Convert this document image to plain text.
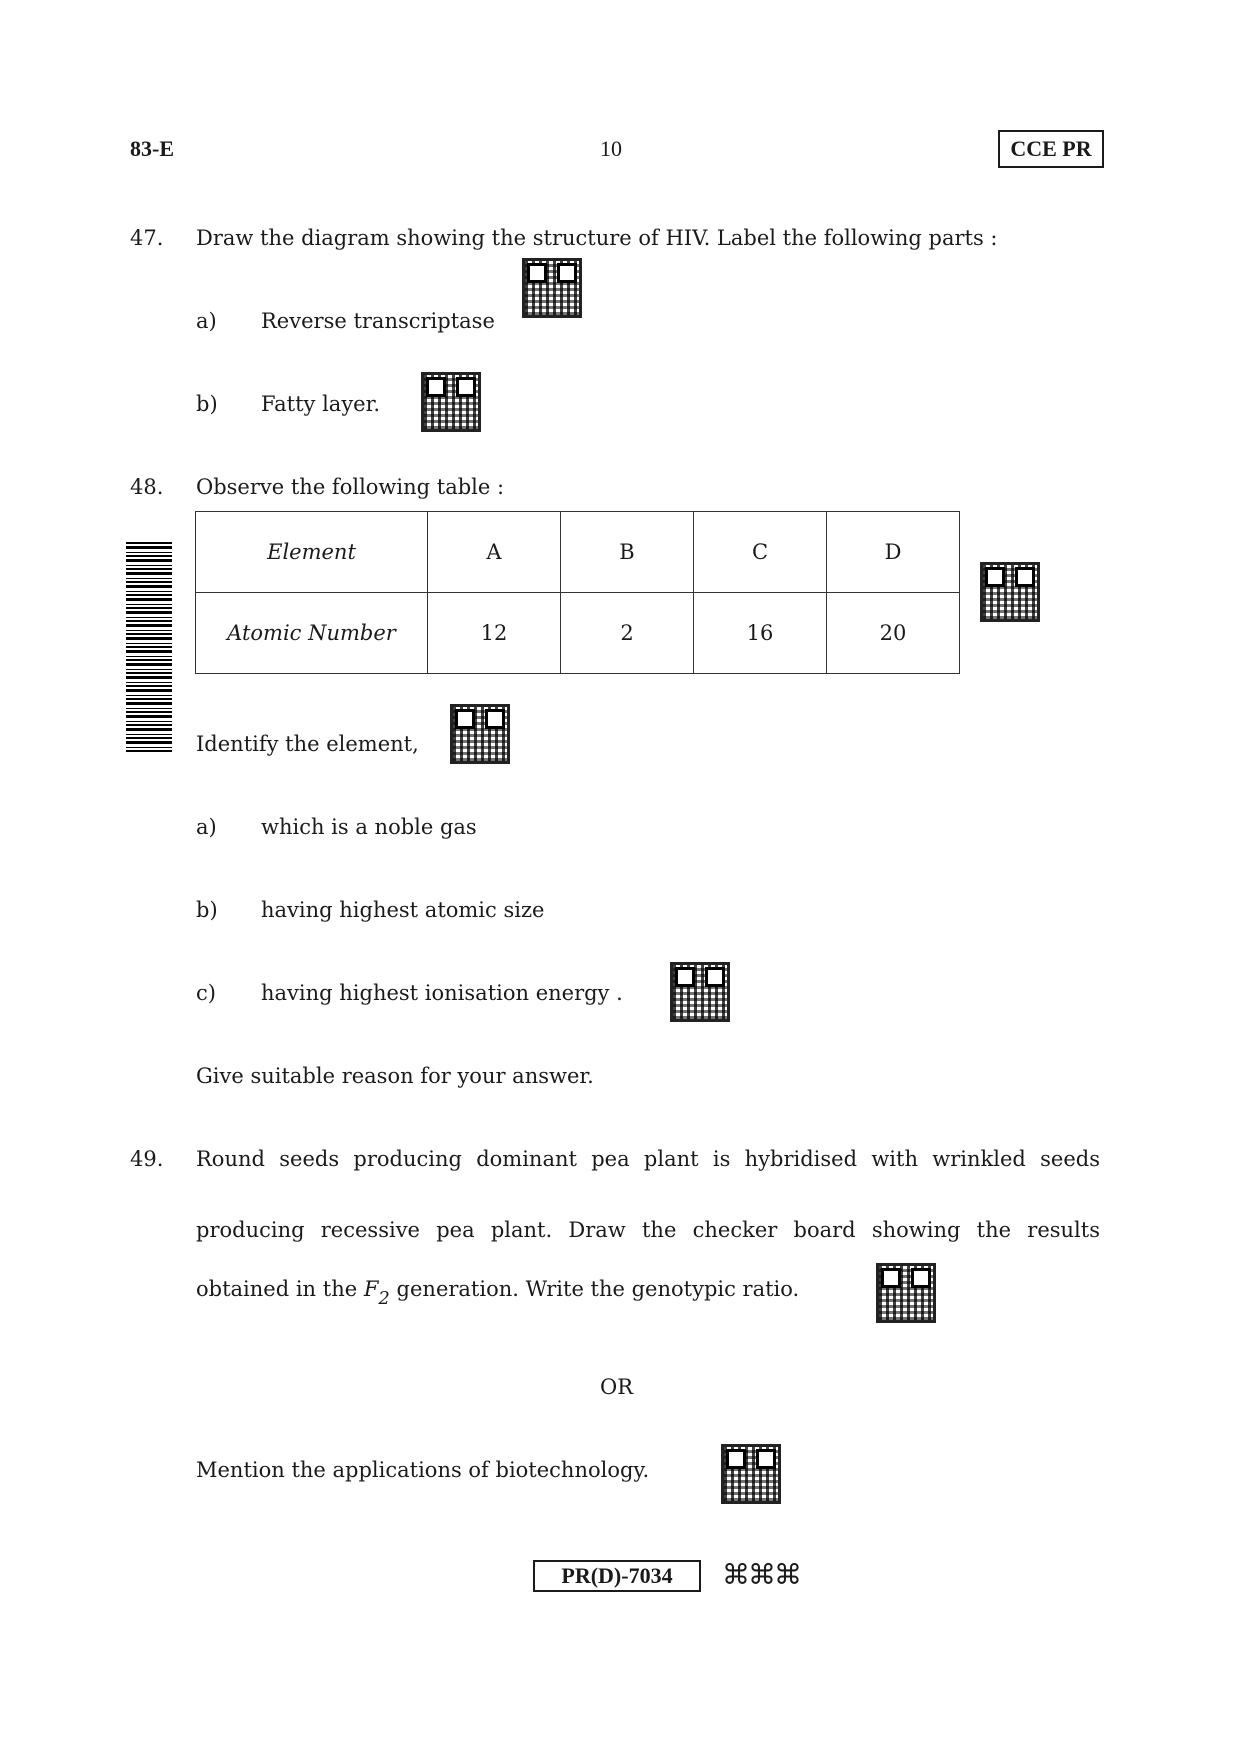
83-E	10	CCE PR
47. Draw the diagram showing the structure of HIV. Label the following parts :
a) Reverse transcriptase
b) Fatty layer.
48. Observe the following table :
Element	A	B	C	D
Atomic Number	12	2	16	20
Identify the element,
a) which is a noble gas
b) having highest atomic size
c) having highest ionisation energy .
Give suitable reason for your answer.
49. Round seeds producing dominant pea plant is hybridised with wrinkled seeds
producing recessive pea plant. Draw the checker board showing the results
obtained in the $F_2$ generation. Write the genotypic ratio.
OR
Mention the applications of biotechnology.
PR(D)-7034	⌘⌘⌘
